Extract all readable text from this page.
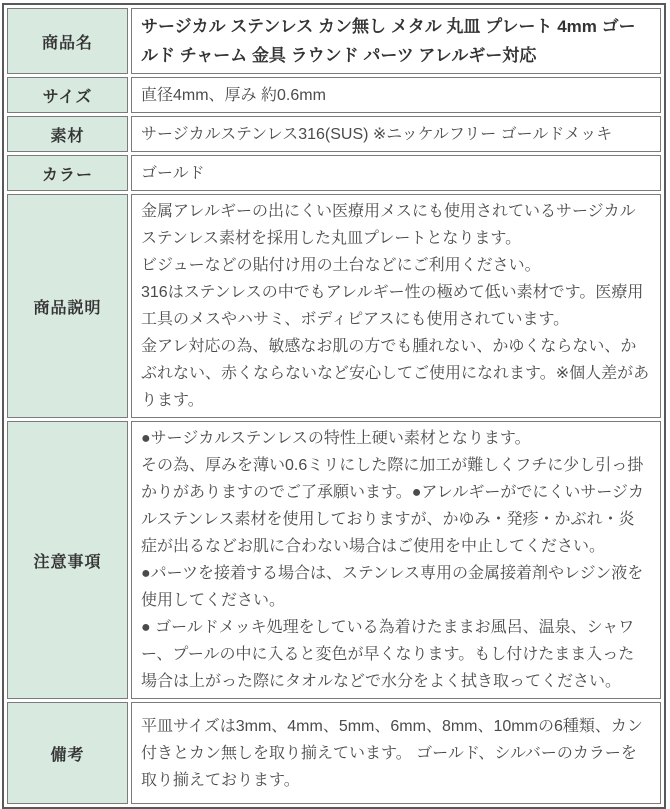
商品名	サージカル ステンレス カン無し メタル 丸皿 プレート 4mm ゴールド チャーム 金具 ラウンド パーツ アレルギー対応
サイズ	直径4mm、厚み 約0.6mm
素材	サージカルステンレス316(SUS) ※ニッケルフリー ゴールドメッキ
カラー	ゴールド
商品説明	金属アレルギーの出にくい医療用メスにも使用されているサージカルステンレス素材を採用した丸皿プレートとなります。
ビジューなどの貼付け用の土台などにご利用ください。
316はステンレスの中でもアレルギー性の極めて低い素材です。医療用工具のメスやハサミ、ボディピアスにも使用されています。
金アレ対応の為、敏感なお肌の方でも腫れない、かゆくならない、かぶれない、赤くならないなど安心してご使用になれます。※個人差があります。

注意事項	●サージカルステンレスの特性上硬い素材となります。
その為、厚みを薄い0.6ミリにした際に加工が難しくフチに少し引っ掛かりがありますのでご了承願います。●アレルギーがでにくいサージカルステンレス素材を使用しておりますが、かゆみ・発疹・かぶれ・炎症が出るなどお肌に合わない場合はご使用を中止してください。
●パーツを接着する場合は、ステンレス専用の金属接着剤やレジン液を使用してください。
● ゴールドメッキ処理をしている為着けたままお風呂、温泉、シャワー、プールの中に入ると変色が早くなります。もし付けたまま入った場合は上がった際にタオルなどで水分をよく拭き取ってください。

備考	平皿サイズは3mm、4mm、5mm、6mm、8mm、10mmの6種類、カン付きとカン無しを取り揃えています。 ゴールド、シルバーのカラーを取り揃えております。
